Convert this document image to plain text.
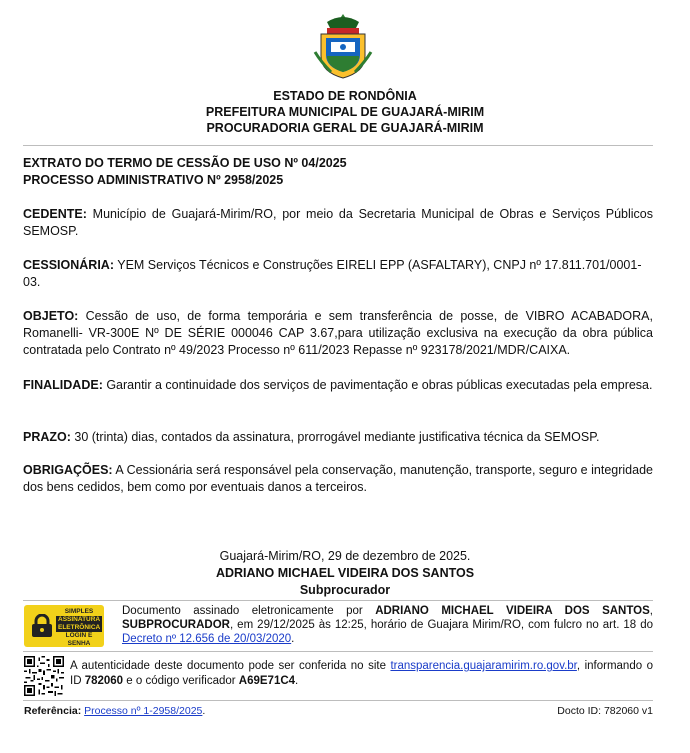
ESTADO DE RONDÔNIA
PREFEITURA MUNICIPAL DE GUAJARÁ-MIRIM
PROCURADORIA GERAL DE GUAJARÁ-MIRIM
EXTRATO DO TERMO DE CESSÃO DE USO Nº 04/2025
PROCESSO ADMINISTRATIVO Nº 2958/2025
CEDENTE: Município de Guajará-Mirim/RO, por meio da Secretaria Municipal de Obras e Serviços Públicos SEMOSP.
CESSIONÁRIA: YEM Serviços Técnicos e Construções EIRELI EPP (ASFALTARY), CNPJ nº 17.811.701/0001-03.
OBJETO: Cessão de uso, de forma temporária e sem transferência de posse, de VIBRO ACABADORA, Romanelli- VR-300E Nº DE SÉRIE 000046 CAP 3.67,para utilização exclusiva na execução da obra pública contratada pelo Contrato nº 49/2023 Processo nº 611/2023 Repasse nº 923178/2021/MDR/CAIXA.
FINALIDADE: Garantir a continuidade dos serviços de pavimentação e obras públicas executadas pela empresa.
PRAZO: 30 (trinta) dias, contados da assinatura, prorrogável mediante justificativa técnica da SEMOSP.
OBRIGAÇÕES: A Cessionária será responsável pela conservação, manutenção, transporte, seguro e integridade dos bens cedidos, bem como por eventuais danos a terceiros.
Guajará-Mirim/RO, 29 de dezembro de 2025.
ADRIANO MICHAEL VIDEIRA DOS SANTOS
Subprocurador
SIMPLES
ASSINATURA
ELETRÔNICA
LOGIN E SENHA
Documento assinado eletronicamente por ADRIANO MICHAEL VIDEIRA DOS SANTOS, SUBPROCURADOR, em 29/12/2025 às 12:25, horário de Guajara Mirim/RO, com fulcro no art. 18 do Decreto nº 12.656 de 20/03/2020.
A autenticidade deste documento pode ser conferida no site transparencia.guajaramirim.ro.gov.br, informando o ID 782060 e o código verificador A69E71C4.
Referência: Processo nº 1-2958/2025.	Docto ID: 782060 v1
